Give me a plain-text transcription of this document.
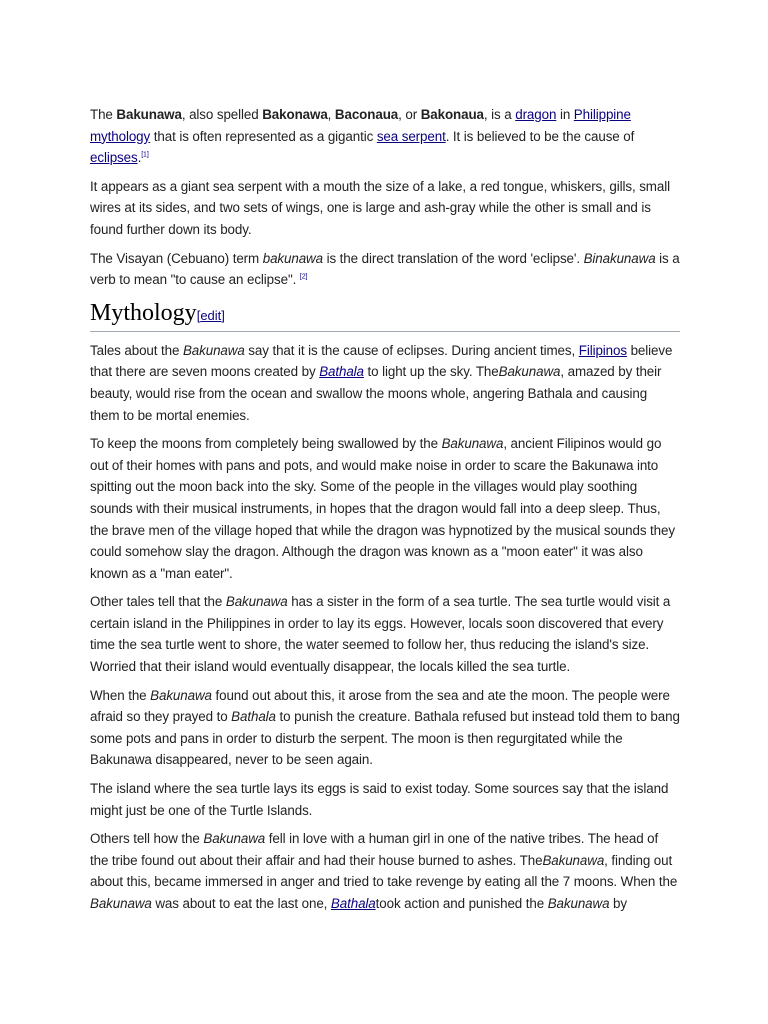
The Bakunawa, also spelled Bakonawa, Baconaua, or Bakonaua, is a dragon in Philippine mythology that is often represented as a gigantic sea serpent. It is believed to be the cause of eclipses.[1]

It appears as a giant sea serpent with a mouth the size of a lake, a red tongue, whiskers, gills, small wires at its sides, and two sets of wings, one is large and ash-gray while the other is small and is found further down its body.

The Visayan (Cebuano) term bakunawa is the direct translation of the word 'eclipse'. Binakunawa is a verb to mean "to cause an eclipse". [2]

Mythology[edit]

Tales about the Bakunawa say that it is the cause of eclipses. During ancient times, Filipinos believe that there are seven moons created by Bathala to light up the sky. TheBakunawa, amazed by their beauty, would rise from the ocean and swallow the moons whole, angering Bathala and causing them to be mortal enemies.

To keep the moons from completely being swallowed by the Bakunawa, ancient Filipinos would go out of their homes with pans and pots, and would make noise in order to scare the Bakunawa into spitting out the moon back into the sky. Some of the people in the villages would play soothing sounds with their musical instruments, in hopes that the dragon would fall into a deep sleep. Thus, the brave men of the village hoped that while the dragon was hypnotized by the musical sounds they could somehow slay the dragon. Although the dragon was known as a "moon eater" it was also known as a "man eater".

Other tales tell that the Bakunawa has a sister in the form of a sea turtle. The sea turtle would visit a certain island in the Philippines in order to lay its eggs. However, locals soon discovered that every time the sea turtle went to shore, the water seemed to follow her, thus reducing the island's size. Worried that their island would eventually disappear, the locals killed the sea turtle.

When the Bakunawa found out about this, it arose from the sea and ate the moon. The people were afraid so they prayed to Bathala to punish the creature. Bathala refused but instead told them to bang some pots and pans in order to disturb the serpent. The moon is then regurgitated while the Bakunawa disappeared, never to be seen again.

The island where the sea turtle lays its eggs is said to exist today. Some sources say that the island might just be one of the Turtle Islands.

Others tell how the Bakunawa fell in love with a human girl in one of the native tribes. The head of the tribe found out about their affair and had their house burned to ashes. TheBakunawa, finding out about this, became immersed in anger and tried to take revenge by eating all the 7 moons. When the Bakunawa was about to eat the last one, Bathalatook action and punished the Bakunawa by
